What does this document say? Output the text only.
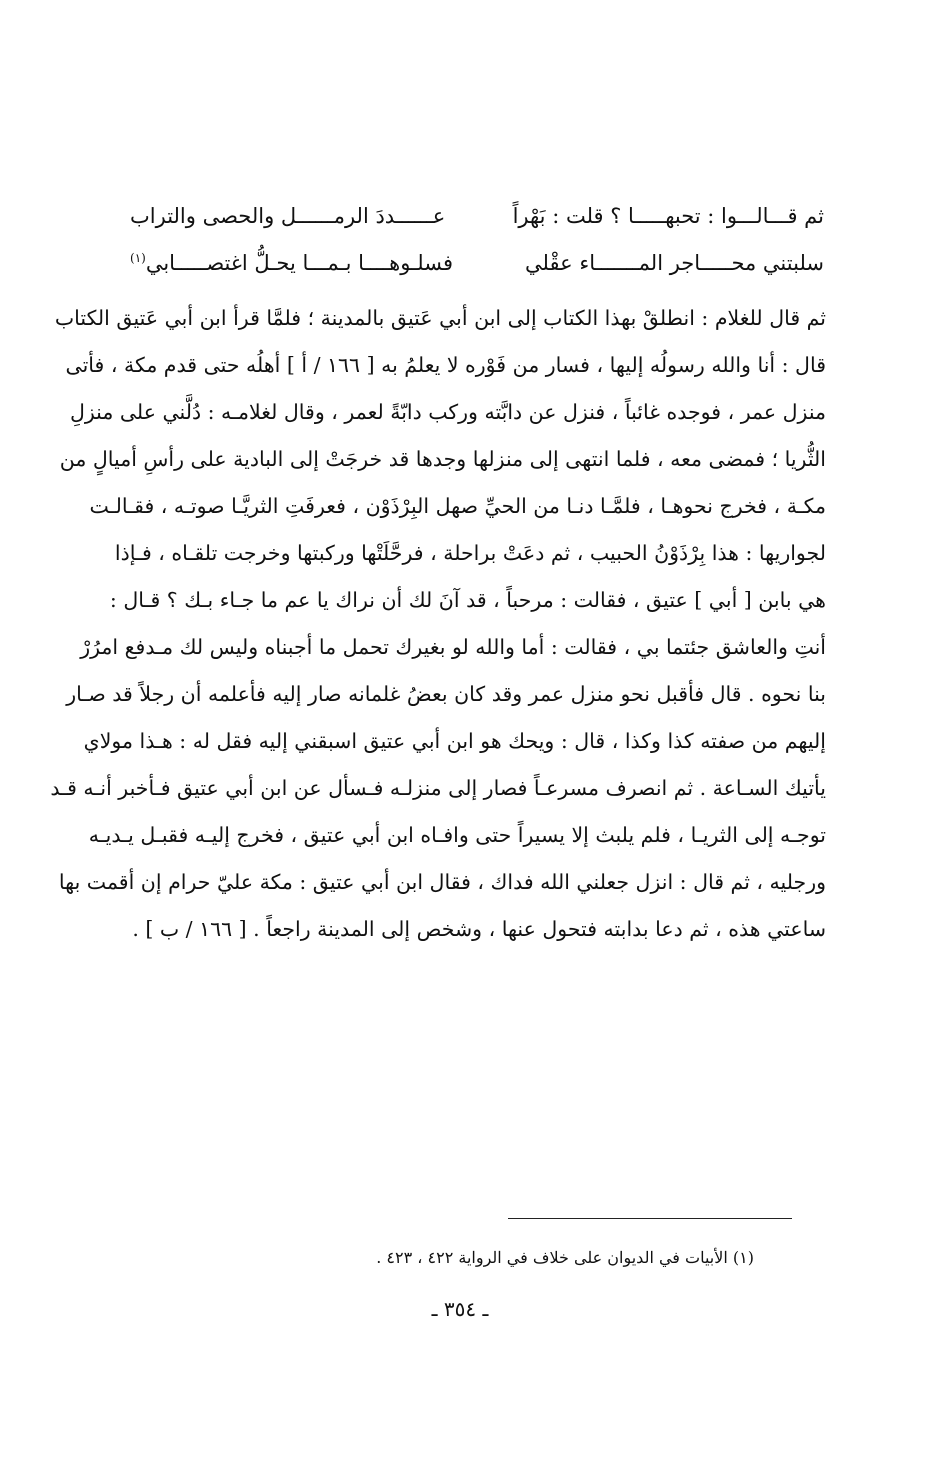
ثم قـــالـــوا : تحبهـــــا ؟ قلت : بَهْراً
عــــــددَ الرمــــــل والحصى والتراب
سلبتني محـــــاجر المـــــــاء عقْلي
فسلـوهــــا بـمـــا يحـلُّ اغتصـــــابي$^{(١)}$
ثم قال للغلام : انطلقْ بهذا الكتاب إلى ابن أبي عَتيق بالمدينة ؛ فلمَّا قرأ ابن أبي عَتيق الكتاب
قال : أنا والله رسولُه إليها ، فسار من فَوْره لا يعلمُ به [ ١٦٦ / أ ] أهلُه حتى قدم مكة ، فأتى
منزل عمر ، فوجده غائباً ، فنزل عن دابَّته وركب دابّةً لعمر ، وقال لغلامـه : دُلَّني على منزلِ
الثُّريا ؛ فمضى معه ، فلما انتهى إلى منزلها وجدها قد خرجَتْ إلى البادية على رأسِ أميالٍ من
مكـة ، فخرج نحوهـا ، فلمَّـا دنـا من الحيِّ صهل البِرْذَوْن ، فعرفَتِ الثريَّـا صوتـه ، فقـالـت
لجواريها : هذا بِرْذَوْنُ الحبيب ، ثم دعَتْ براحلة ، فرحَّلَتْها وركبتها وخرجت تلقـاه ، فـإذا
هي بابن [ أبي ] عتيق ، فقالت : مرحباً ، قد آنَ لك أن نراك يا عم ما جـاء بـك ؟ قـال :
أنتِ والعاشق جئتما بي ، فقالت : أما والله لو بغيرك تحمل ما أجبناه وليس لك مـدفع امرُرْ
بنا نحوه . قال فأقبل نحو منزل عمر وقد كان بعضُ غلمانه صار إليه فأعلمه أن رجلاً قد صـار
إليهم من صفته كذا وكذا ، قال : ويحك هو ابن أبي عتيق اسبقني إليه فقل له : هـذا مولاي
يأتيك السـاعة . ثم انصرف مسرعـاً فصار إلى منزلـه فـسأل عن ابن أبي عتيق فـأخبر أنـه قـد
توجـه إلى الثريـا ، فلم يلبث إلا يسيراً حتى وافـاه ابن أبي عتيق ، فخرج إليـه فقبـل يـديـه
ورجليه ، ثم قال : انزل جعلني الله فداك ، فقال ابن أبي عتيق : مكة عليّ حرام إن أقمت بها
ساعتي هذه ، ثم دعا بدابته فتحول عنها ، وشخص إلى المدينة راجعاً . [ ١٦٦ / ب ] .
(١) الأبيات في الديوان على خلاف في الرواية ٤٢٢ ، ٤٢٣ .
ـ ٣٥٤ ـ
